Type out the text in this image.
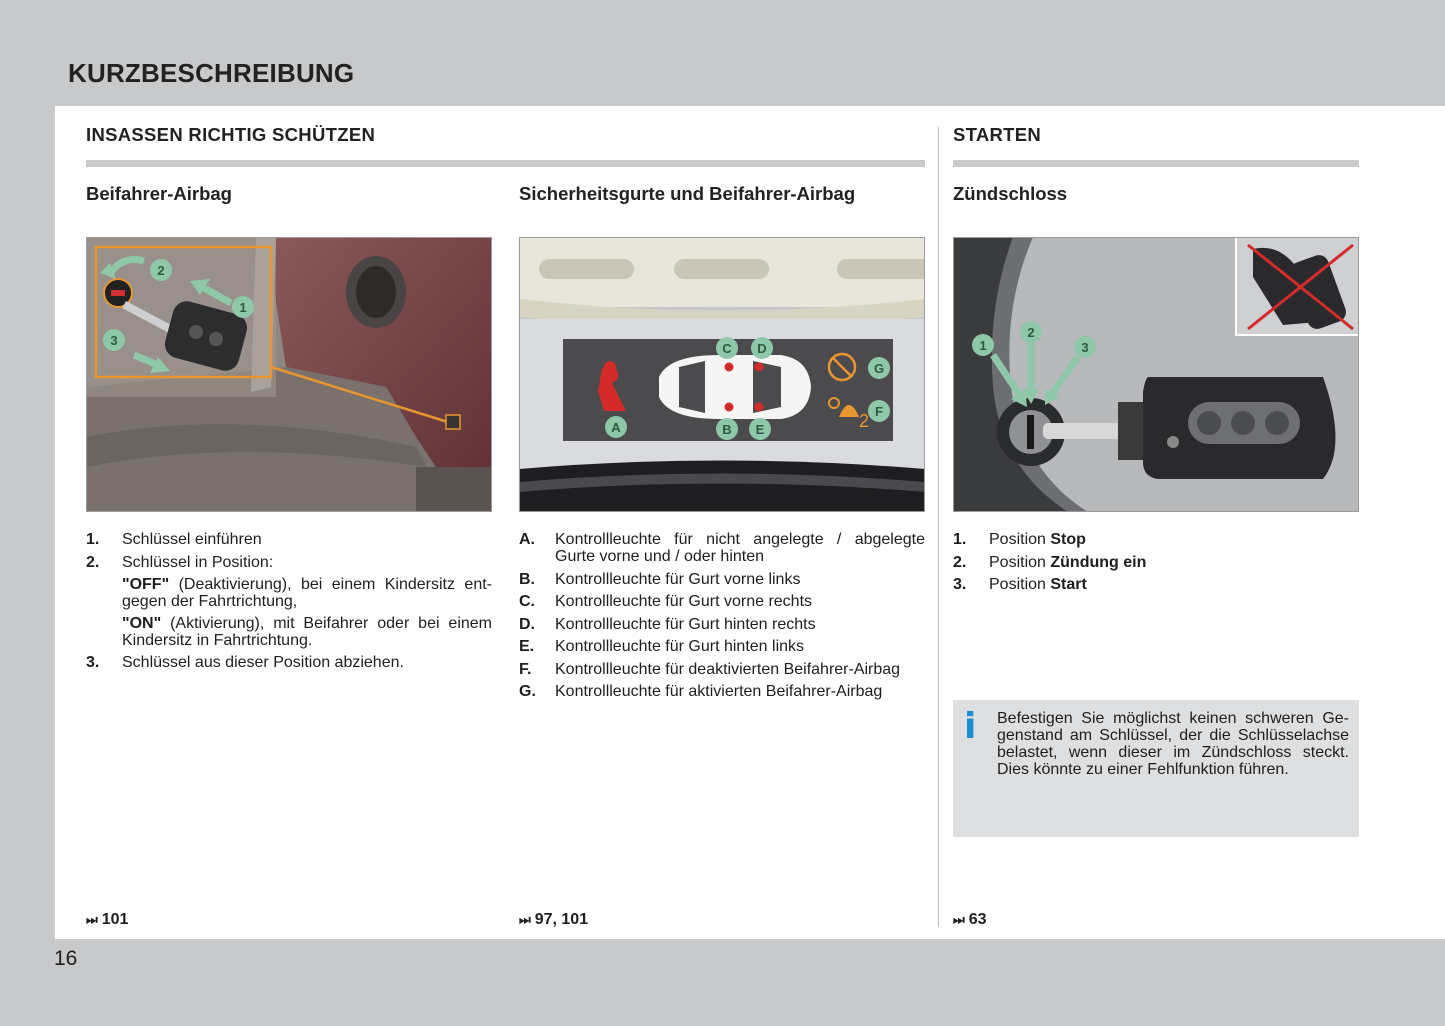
KURZBESCHREIBUNG
INSASSEN RICHTIG SCHÜTZEN	STARTEN
Beifahrer-Airbag	Sicherheitsgurte und Beifahrer-Airbag	Zündschloss
2
1
3
2
A	B
C D
E
F
G
1
2
3
1. Schlüssel einführen
2. Schlüssel in Position:
"OFF" (Deaktivierung), bei einem Kindersitz entgegen der Fahrtrichtung,
"ON" (Aktivierung), mit Beifahrer oder bei einem Kindersitz in Fahrtrichtung.
3. Schlüssel aus dieser Position abziehen.
A. Kontrollleuchte für nicht angelegte / abgelegte Gurte vorne und / oder hinten
B. Kontrollleuchte für Gurt vorne links
C. Kontrollleuchte für Gurt vorne rechts
D. Kontrollleuchte für Gurt hinten rechts
E. Kontrollleuchte für Gurt hinten links
F. Kontrollleuchte für deaktivierten Beifahrer-Airbag
G. Kontrollleuchte für aktivierten Beifahrer-Airbag
1. Position Stop
2. Position Zündung ein
3. Position Start
i Befestigen Sie möglichst keinen schweren Gegenstand am Schlüssel, der die Schlüsselachse belastet, wenn dieser im Zündschloss steckt. Dies könnte zu einer Fehlfunktion führen.

⏭ 101	⏭ 97, 101	⏭ 63
16
